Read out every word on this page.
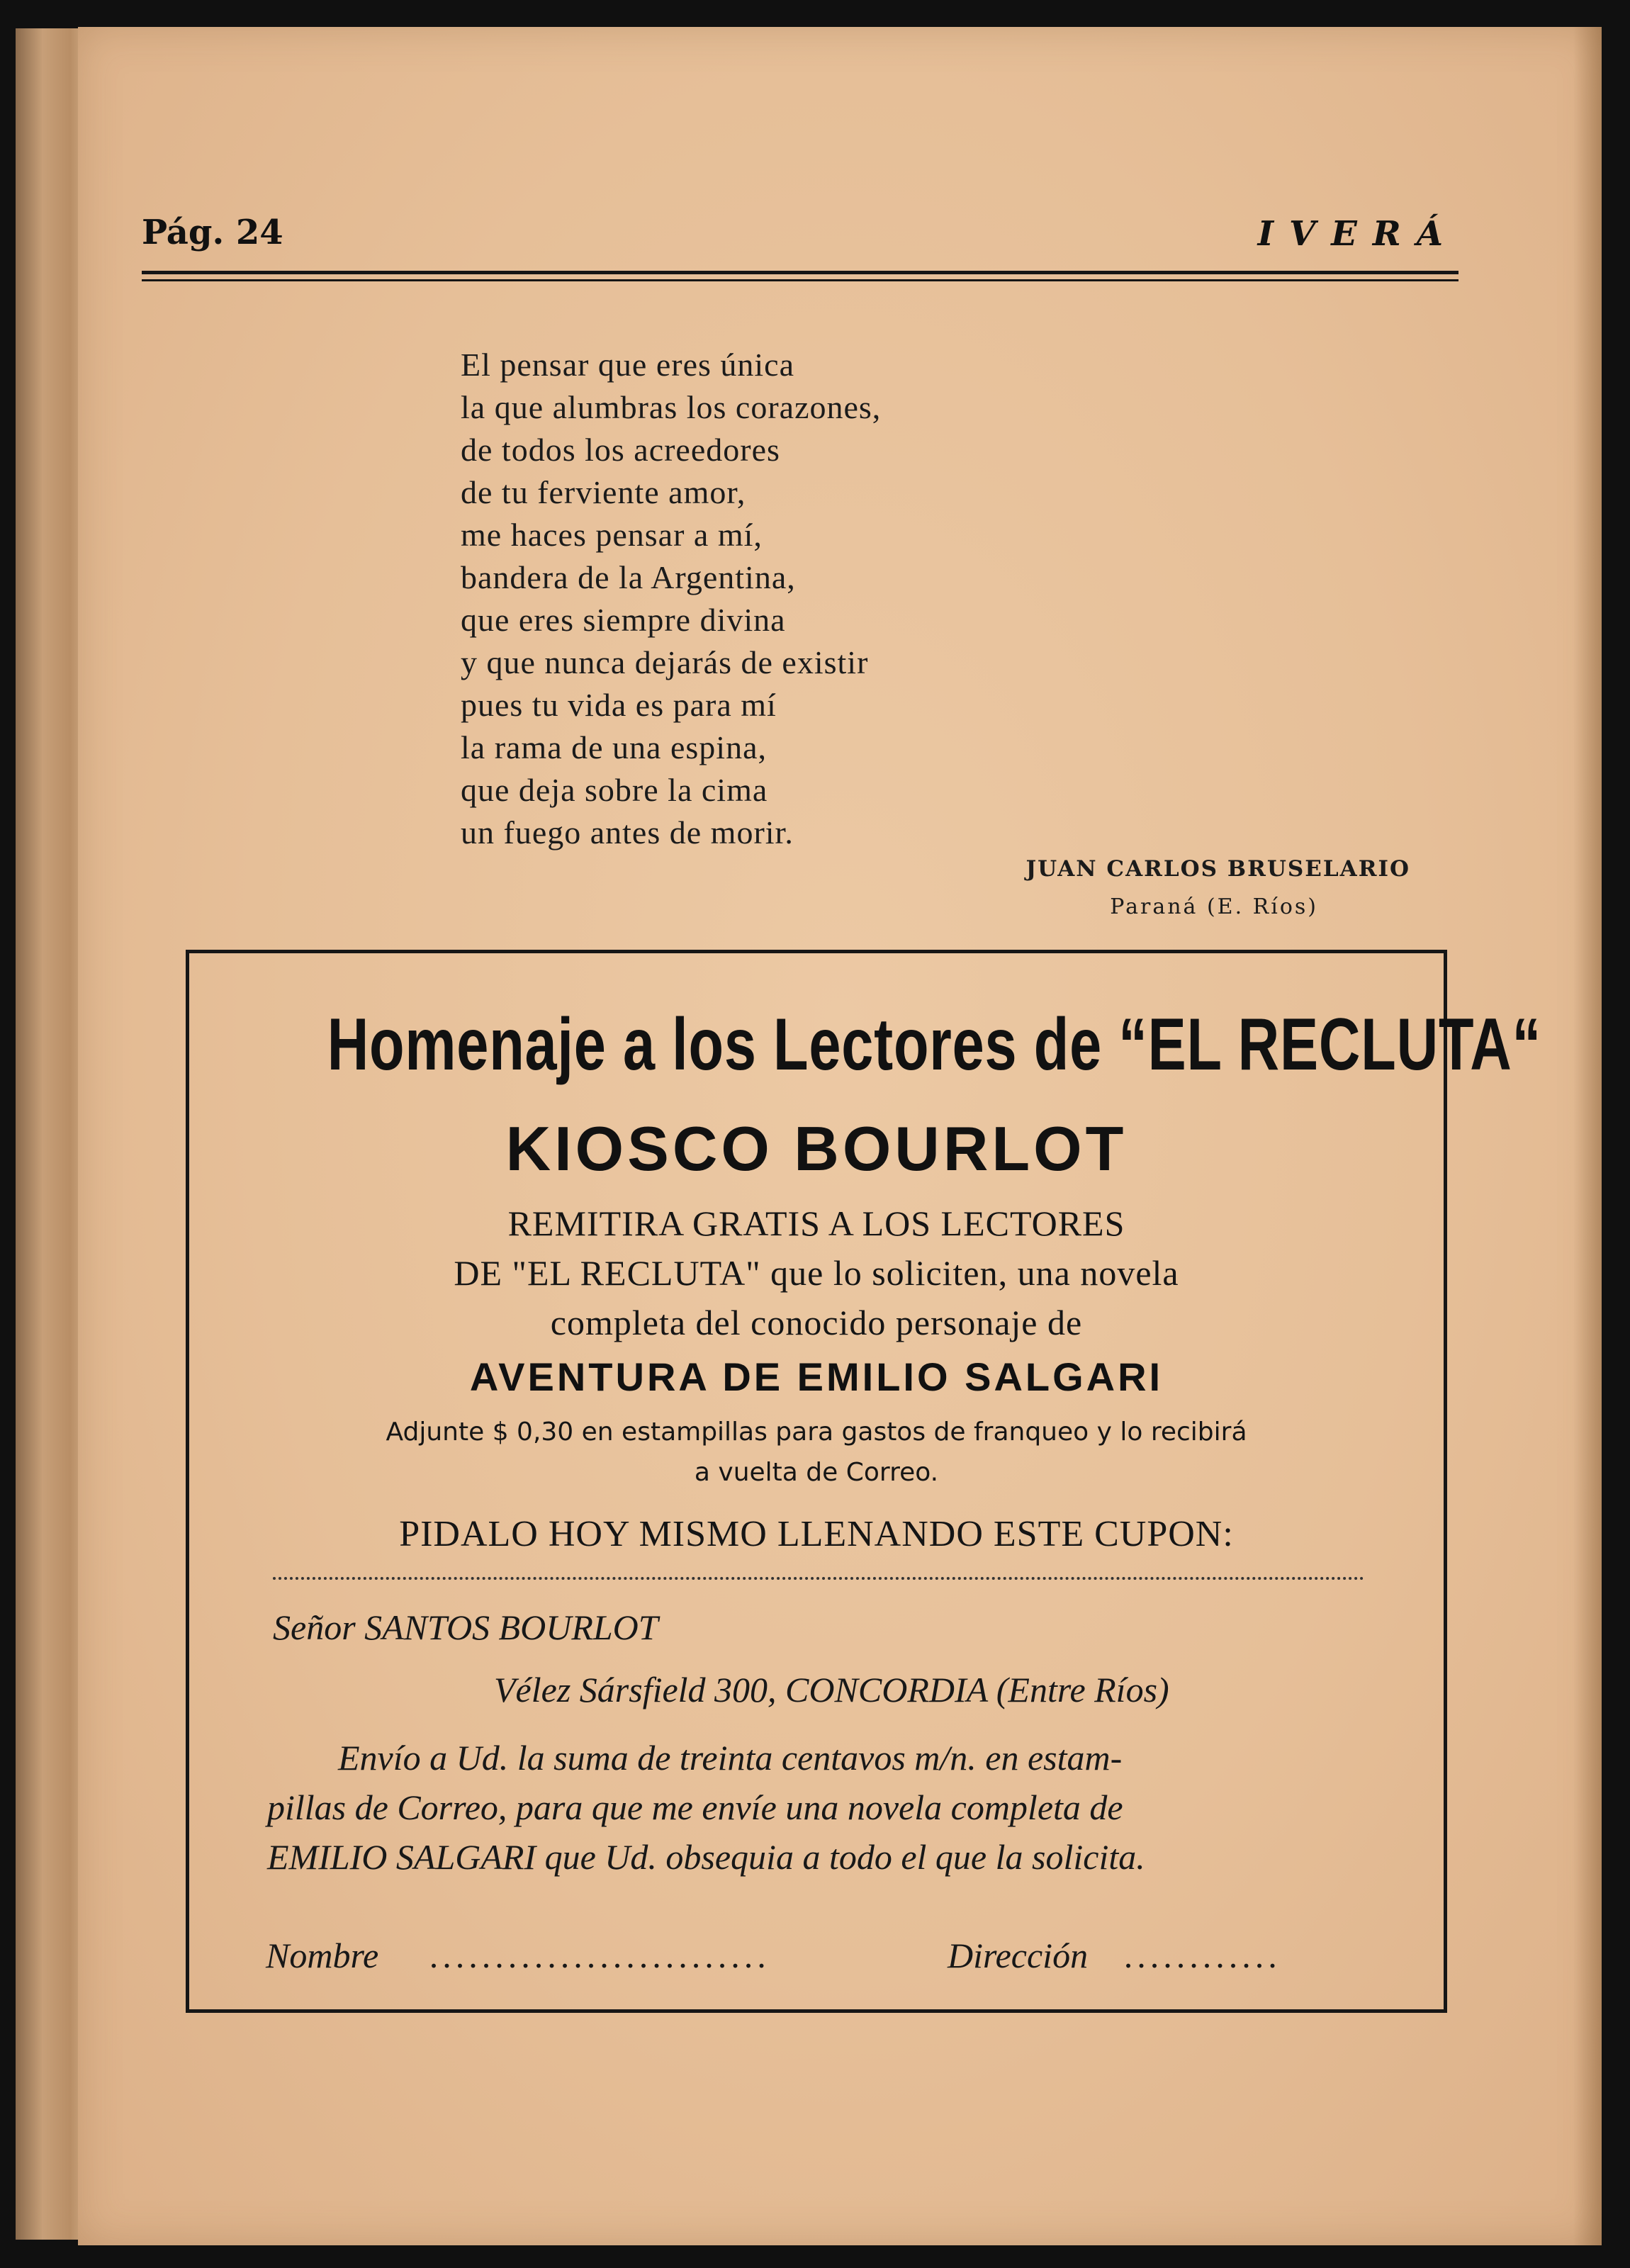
Pág. 24	IVERÁ
El pensar que eres única
la que alumbras los corazones,
de todos los acreedores
de tu ferviente amor,
me haces pensar a mí,
bandera de la Argentina,
que eres siempre divina
y que nunca dejarás de existir
pues tu vida es para mí
la rama de una espina,
que deja sobre la cima
un fuego antes de morir.
JUAN CARLOS BRUSELARIO
Paraná (E. Ríos)
Homenaje a los Lectores de “EL RECLUTA“
KIOSCO BOURLOT
REMITIRA GRATIS A LOS LECTORES
DE "EL RECLUTA" que lo soliciten, una novela
completa del conocido personaje de
AVENTURA DE EMILIO SALGARI
Adjunte $ 0,30 en estampillas para gastos de franqueo y lo recibirá
a vuelta de Correo.
PIDALO HOY MISMO LLENANDO ESTE CUPON:
Señor SANTOS BOURLOT
Vélez Sársfield 300, CONCORDIA (Entre Ríos)
Envío a Ud. la suma de treinta centavos m/n. en estam-
pillas de Correo, para que me envíe una novela completa de
EMILIO SALGARI que Ud. obsequia a todo el que la solicita.
Nombre ..........................	Dirección ............
